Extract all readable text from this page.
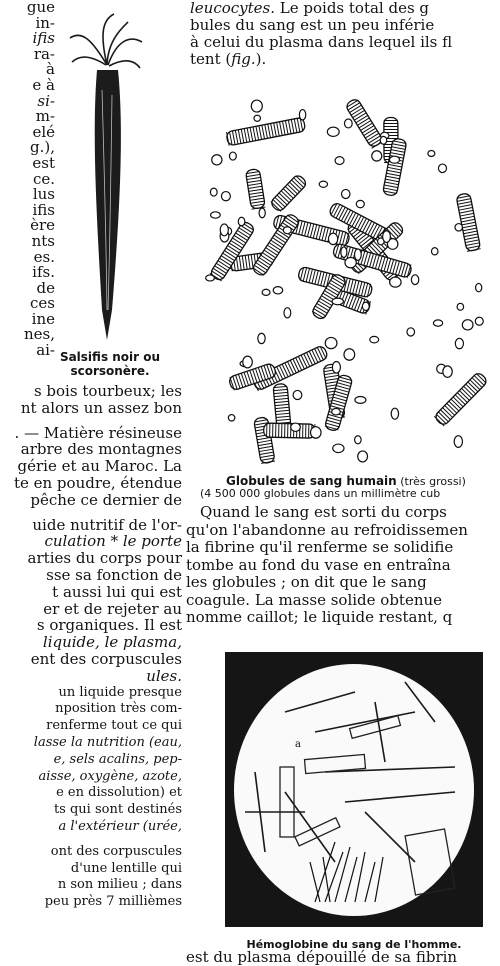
gue
in-
ifis
ra-
à
e à
si-
m-
elé
g.),
est
ce.
lus
ifis
ère
nts
es.
ifs.
de
ces
ine
nes,
ai- Salsifis noir ou
scorsonère.
s bois tourbeux; les
nt alors un assez bon
. — Matière résineuse
arbre des montagnes
gérie et au Maroc. La
te en poudre, étendue
pêche ce dernier de
uide nutritif de l'or-
culation * le porte
arties du corps pour
sse sa fonction de
t aussi lui qui est
er et de rejeter au
s organiques. Il est
liquide, le plasma,
ent des corpuscules
ules.
un liquide presque
nposition très com-
renferme tout ce qui
lasse la nutrition (eau,
e, sels acalins, pep-
aisse, oxygène, azote,
e en dissolution) et
ts qui sont destinés
a l'extérieur (urée,
ont des corpuscules
d'une lentille qui
n son milieu ; dans
peu près 7 millièmes
leucocytes. Le poids total des g
bules du sang est un peu inférie
à celui du plasma dans lequel ils fl
tent (fig.).
Globules de sang humain (très grossi)
(4 500 000 globules dans un millimètre cub
Quand le sang est sorti du corps
qu'on l'abandonne au refroidissemen
la fibrine qu'il renferme se solidifie
tombe au fond du vase en entraîna
les globules ; on dit que le sang
coagule. La masse solide obtenue
nomme caillot; le liquide restant, q
a
Hémoglobine du sang de l'homme.
est du plasma dépouillé de sa fibrin
